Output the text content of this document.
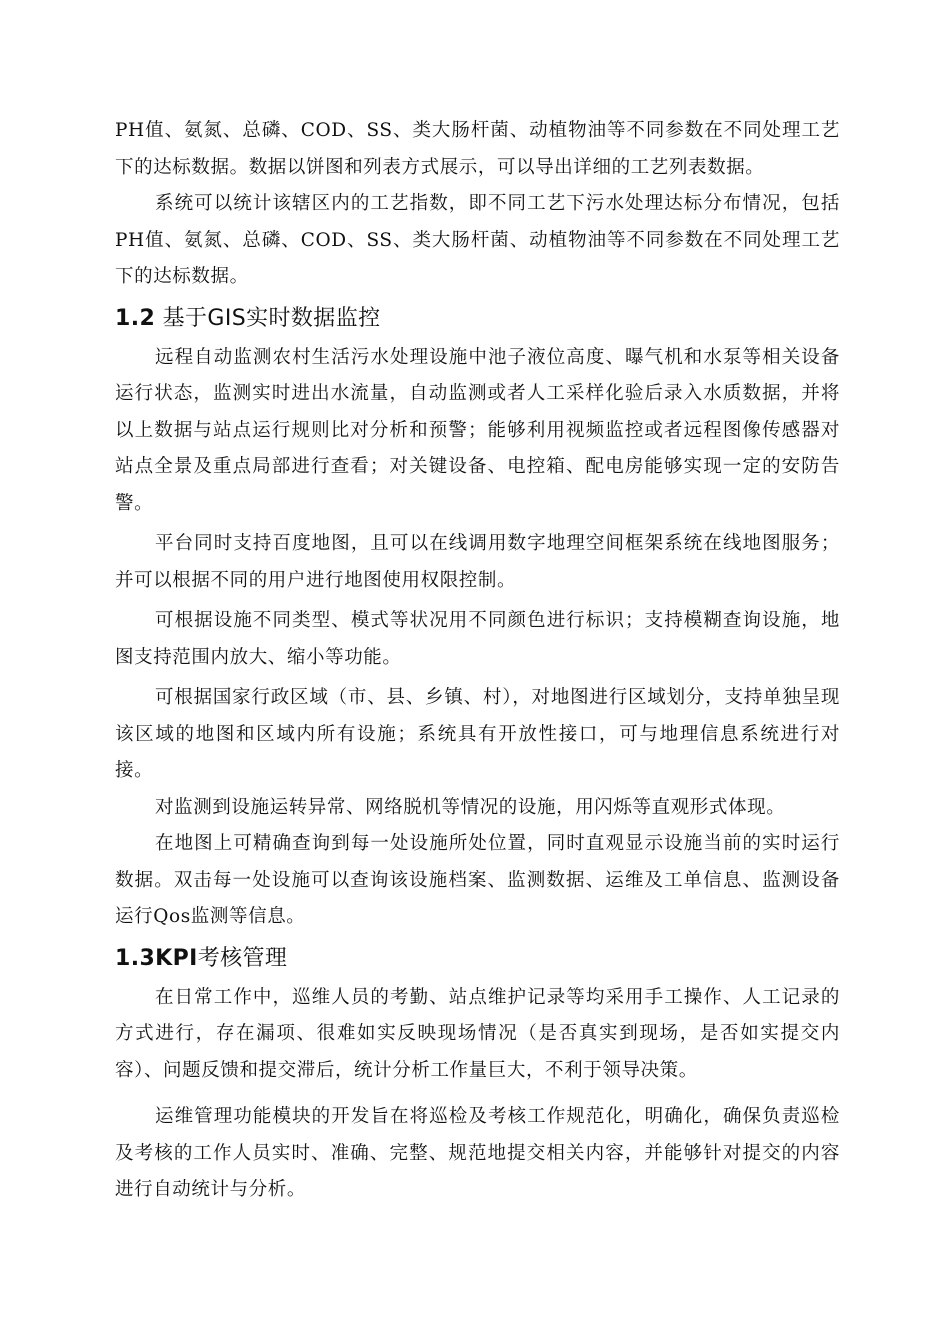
PH值、氨氮、总磷、COD、SS、类大肠杆菌、动植物油等不同参数在不同处理工艺下的达标数据。数据以饼图和列表方式展示，可以导出详细的工艺列表数据。

系统可以统计该辖区内的工艺指数，即不同工艺下污水处理达标分布情况，包括PH值、氨氮、总磷、COD、SS、类大肠杆菌、动植物油等不同参数在不同处理工艺下的达标数据。

1.2 基于GIS实时数据监控

远程自动监测农村生活污水处理设施中池子液位高度、曝气机和水泵等相关设备运行状态，监测实时进出水流量，自动监测或者人工采样化验后录入水质数据，并将以上数据与站点运行规则比对分析和预警；能够利用视频监控或者远程图像传感器对站点全景及重点局部进行查看；对关键设备、电控箱、配电房能够实现一定的安防告警。

平台同时支持百度地图，且可以在线调用数字地理空间框架系统在线地图服务；并可以根据不同的用户进行地图使用权限控制。

可根据设施不同类型、模式等状况用不同颜色进行标识；支持模糊查询设施，地图支持范围内放大、缩小等功能。

可根据国家行政区域（市、县、乡镇、村），对地图进行区域划分，支持单独呈现该区域的地图和区域内所有设施；系统具有开放性接口，可与地理信息系统进行对接。

对监测到设施运转异常、网络脱机等情况的设施，用闪烁等直观形式体现。

在地图上可精确查询到每一处设施所处位置，同时直观显示设施当前的实时运行数据。双击每一处设施可以查询该设施档案、监测数据、运维及工单信息、监测设备运行Qos监测等信息。

1.3KPI考核管理

在日常工作中，巡维人员的考勤、站点维护记录等均采用手工操作、人工记录的方式进行，存在漏项、很难如实反映现场情况（是否真实到现场，是否如实提交内容）、问题反馈和提交滞后，统计分析工作量巨大，不利于领导决策。

运维管理功能模块的开发旨在将巡检及考核工作规范化，明确化，确保负责巡检及考核的工作人员实时、准确、完整、规范地提交相关内容，并能够针对提交的内容进行自动统计与分析。
